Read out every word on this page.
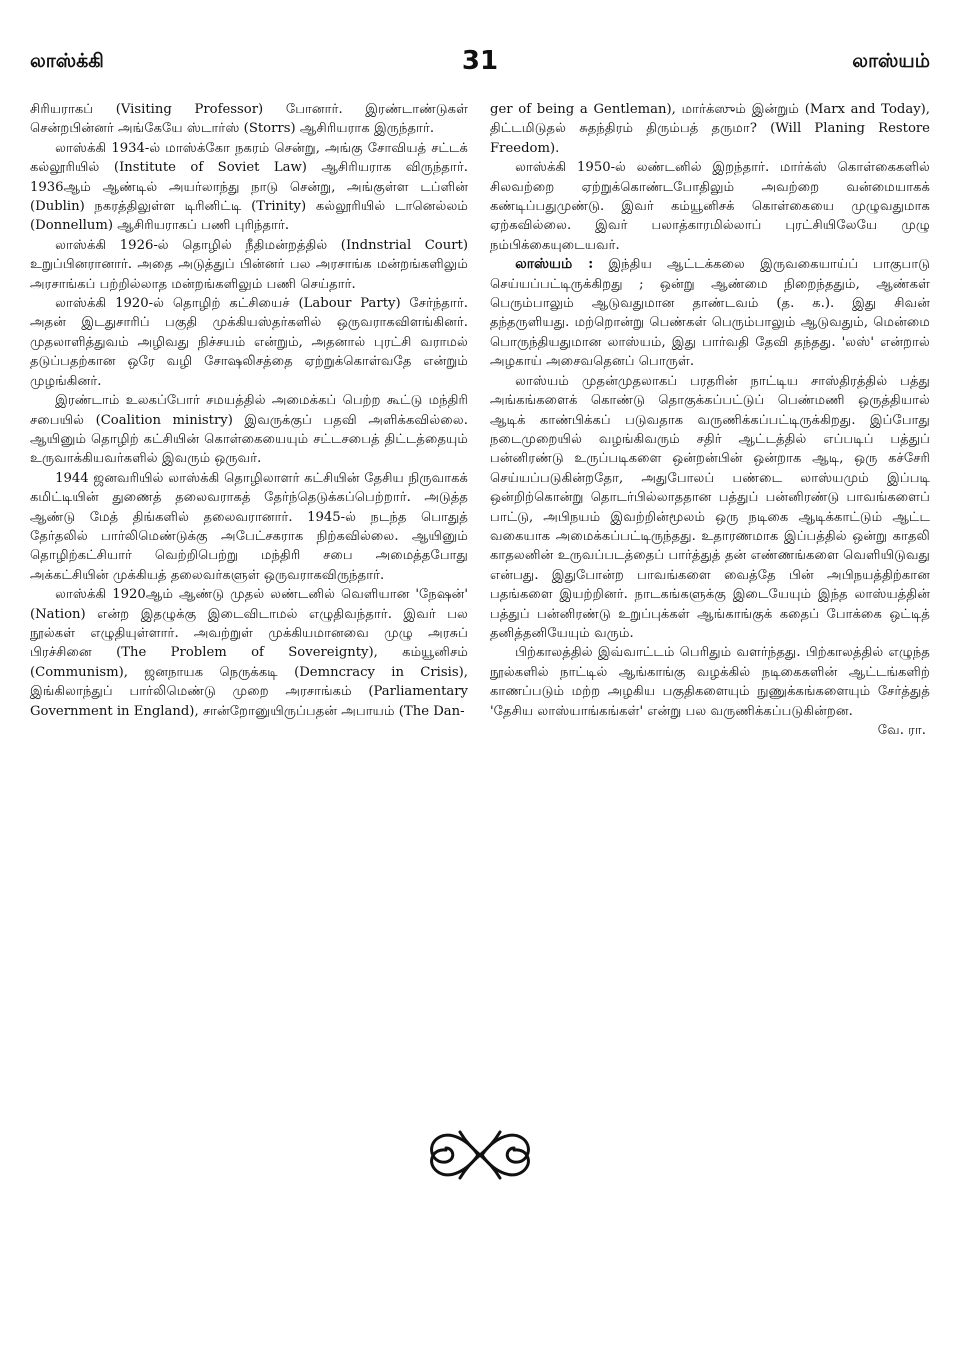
லாஸ்க்கி	31	லாஸ்யம்

சிரியராகப் (Visiting Professor) போனார். இரண்டாண்டுகள் சென்றபின்னர் அங்கேயே ஸ்டார்ஸ் (Storrs) ஆசிரியராக இருந்தார்.

லாஸ்க்கி 1934-ல் மாஸ்க்கோ நகரம் சென்று, அங்கு சோவியத் சட்டக் கல்லூரியில் (Institute of Soviet Law) ஆசிரியராக விருந்தார். 1936ஆம் ஆண்டில் அயர்லாந்து நாடு சென்று, அங்குள்ள டப்ளின் (Dublin) நகரத்திலுள்ள டிரினிட்டி (Trinity) கல்லூரியில் டானெல்லம் (Donnellum) ஆசிரியராகப் பணி புரிந்தார்.

லாஸ்க்கி 1926-ல் தொழில் நீதிமன்றத்தில் (Indnstrial Court) உறுப்பினரானார். அதை அடுத்துப் பின்னர் பல அரசாங்க மன்றங்களிலும் அரசாங்கப் பற்றில்லாத மன்றங்களிலும் பணி செய்தார்.

லாஸ்க்கி 1920-ல் தொழிற் கட்சியைச் (Labour Party) சேர்ந்தார். அதன் இடதுசாரிப் பகுதி முக்கியஸ்தர்களில் ஒருவராகவிளங்கினர். முதலாளித்துவம் அழிவது நிச்சயம் என்றும், அதனால் புரட்சி வராமல் தடுப்பதற்கான ஒரே வழி சோஷலிசத்தை ஏற்றுக்கொள்வதே என்றும் முழங்கினர்.

இரண்டாம் உலகப்போர் சமயத்தில் அமைக்கப் பெற்ற கூட்டு மந்திரி சபையில் (Coalition ministry) இவருக்குப் பதவி அளிக்கவில்லை. ஆயினும் தொழிற் கட்சியின் கொள்கையையும் சட்டசபைத் திட்டத்தையும் உருவாக்கியவர்களில் இவரும் ஒருவர்.

1944 ஜனவரியில் லாஸ்க்கி தொழிலாளர் கட்சியின் தேசிய நிருவாகக் கமிட்டியின் துணைத் தலைவராகத் தேர்ந்தெடுக்கப்பெற்றார். அடுத்த ஆண்டு மேத் திங்களில் தலைவரானார். 1945-ல் நடந்த பொதுத் தேர்தலில் பார்லிமெண்டுக்கு அபேட்சகராக நிற்கவில்லை. ஆயினும் தொழிற்கட்சியார் வெற்றிபெற்று மந்திரி சபை அமைத்தபோது அக்கட்சியின் முக்கியத் தலைவர்களுள் ஒருவராகவிருந்தார்.

லாஸ்க்கி 1920ஆம் ஆண்டு முதல் லண்டனில் வெளியான 'நேஷன்' (Nation) என்ற இதழுக்கு இடைவிடாமல் எழுதிவந்தார். இவர் பல நூல்கள் எழுதியுள்ளார். அவற்றுள் முக்கியமானவை முழு அரசுப் பிரச்சினை (The Problem of Sovereignty), கம்யூனிசம் (Communism), ஜனநாயக நெருக்கடி (Demncracy in Crisis), இங்கிலாந்துப் பார்லிமெண்டு முறை அரசாங்கம் (Parliamentary Government in England), சான்றோனுயிருப்பதன் அபாயம் (The Dan-

ger of being a Gentleman), மார்க்ஸும் இன்றும் (Marx and Today), திட்டமிடுதல் சுதந்திரம் திரும்பத் தருமா? (Will Planing Restore Freedom).

லாஸ்க்கி 1950-ல் லண்டனில் இறந்தார். மார்க்ஸ் கொள்கைகளில் சிலவற்றை ஏற்றுக்கொண்டபோதிலும் அவற்றை வன்மையாகக் கண்டிப்பதுமுண்டு. இவர் கம்யூனிசக் கொள்கையை முழுவதுமாக ஏற்கவில்லை. இவர் பலாத்காரமில்லாப் புரட்சியிலேயே முழு நம்பிக்கையுடையவர்.

லாஸ்யம் : இந்திய ஆட்டக்கலை இருவகையாய்ப் பாகுபாடு செய்யப்பட்டிருக்கிறது ; ஒன்று ஆண்மை நிறைந்ததும், ஆண்கள் பெரும்பாலும் ஆடுவதுமான தாண்டவம் (த. க.). இது சிவன் தந்தருளியது. மற்றொன்று பெண்கள் பெரும்பாலும் ஆடுவதும், மென்மை பொருந்தியதுமான லாஸ்யம், இது பார்வதி தேவி தந்தது. 'லஸ்' என்றால் அழகாய் அசைவதெனப் பொருள்.

லாஸ்யம் முதன்முதலாகப் பரதரின் நாட்டிய சாஸ்திரத்தில் பத்து அங்கங்களைக் கொண்டு தொகுக்கப்பட்டுப் பெண்மணி ஒருத்தியால் ஆடிக் காண்பிக்கப் படுவதாக வருணிக்கப்பட்டிருக்கிறது. இப்போது நடைமுறையில் வழங்கிவரும் சதிர் ஆட்டத்தில் எப்படிப் பத்துப் பன்னிரண்டு உருப்படிகளை ஒன்றன்பின் ஒன்றாக ஆடி, ஒரு கச்சேரி செய்யப்படுகின்றதோ, அதுபோலப் பண்டை லாஸ்யமும் இப்படி ஒன்றிற்கொன்று தொடர்பில்லாததான பத்துப் பன்னிரண்டு பாவங்களைப் பாட்டு, அபிநயம் இவற்றின்மூலம் ஒரு நடிகை ஆடிக்காட்டும் ஆட்ட வகையாக அமைக்கப்பட்டிருந்தது. உதாரணமாக இப்பத்தில் ஒன்று காதலி காதலனின் உருவப்படத்தைப் பார்த்துத் தன் எண்ணங்களை வெளியிடுவது என்பது. இதுபோன்ற பாவங்களை வைத்தே பின் அபிநயத்திற்கான பதங்களை இயற்றினர். நாடகங்களுக்கு இடையேயும் இந்த லாஸ்யத்தின் பத்துப் பன்னிரண்டு உறுப்புக்கள் ஆங்காங்குக் கதைப் போக்கை ஒட்டித் தனித்தனியேயும் வரும்.

பிற்காலத்தில் இவ்வாட்டம் பெரிதும் வளர்ந்தது. பிற்காலத்தில் எழுந்த நூல்களில் நாட்டில் ஆங்காங்கு வழக்கில் நடிகைகளின் ஆட்டங்களிற் காணப்படும் மற்ற அழகிய பகுதிகளையும் நுணுக்கங்களையும் சேர்த்துத் 'தேசிய லாஸ்யாங்கங்கள்' என்று பல வருணிக்கப்படுகின்றன.

வே. ரா.
